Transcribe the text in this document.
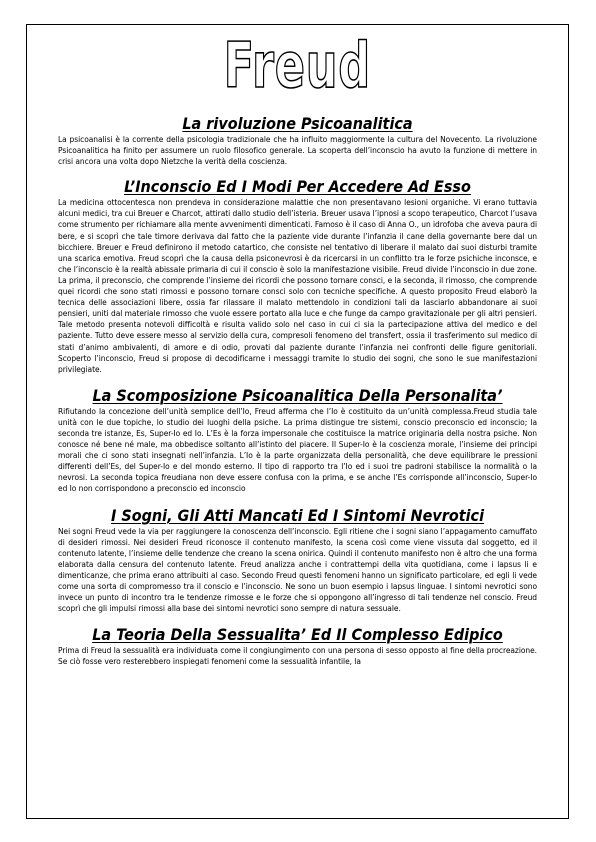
Freud
La rivoluzione Psicoanalitica

La psicoanalisi è la corrente della psicologia tradizionale che ha influito maggiormente la cultura del Novecento. La rivoluzione Psicoanalitica ha finito per assumere un ruolo filosofico generale. La scoperta dell’inconscio ha avuto la funzione di mettere in crisi ancora una volta dopo Nietzche la verità della coscienza.

L’Inconscio Ed I Modi Per Accedere Ad Esso

La medicina ottocentesca non prendeva in considerazione malattie che non presentavano lesioni organiche. Vi erano tuttavia alcuni medici, tra cui Breuer e Charcot, attirati dallo studio dell’isteria. Breuer usava l’ipnosi a scopo terapeutico, Charcot l’usava come strumento per richiamare alla mente avvenimenti dimenticati. Famoso è il caso di Anna O., un idrofoba che aveva paura di bere, e si scoprì che tale timore derivava dal fatto che la paziente vide durante l’infanzia il cane della governante bere dal un bicchiere. Breuer e Freud definirono il metodo catartico, che consiste nel tentativo di liberare il malato dai suoi disturbi tramite una scarica emotiva. Freud scoprì che la causa della psiconevrosi è da ricercarsi in un conflitto tra le forze psichiche inconsce, e che l’inconscio è la realtà abissale primaria di cui il conscio è solo la manifestazione visibile. Freud divide l’inconscio in due zone. La prima, il preconscio, che comprende l’insieme dei ricordi che possono tornare consci, e la seconda, il rimosso, che comprende quei ricordi che sono stati rimossi e possono tornare consci solo con tecniche specifiche. A questo proposito Freud elaborò la tecnica delle associazioni libere, ossia far rilassare il malato mettendolo in condizioni tali da lasciarlo abbandonare ai suoi pensieri, uniti dal materiale rimosso che vuole essere portato alla luce e che funge da campo gravitazionale per gli altri pensieri. Tale metodo presenta notevoli difficoltà e risulta valido solo nel caso in cui ci sia la partecipazione attiva del medico e del paziente. Tutto deve essere messo al servizio della cura, compresoli fenomeno del transfert, ossia il trasferimento sul medico di stati d’animo ambivalenti, di amore e di odio, provati dal paziente durante l’infanzia nei confronti delle figure genitoriali. Scoperto l’inconscio, Freud si propose di decodificarne i messaggi tramite lo studio dei sogni, che sono le sue manifestazioni privilegiate.

La Scomposizione Psicoanalitica Della Personalita’

Rifiutando la concezione dell’unità semplice dell’Io, Freud afferma che l’Io è costituito da un’unità complessa.Freud studia tale unità con le due topiche, lo studio dei luoghi della psiche. La prima distingue tre sistemi, conscio preconscio ed inconscio; la seconda tre istanze, Es, Super-Io ed Io. L’Es è la forza impersonale che costituisce la matrice originaria della nostra psiche. Non conosce né bene né male, ma obbedisce soltanto all’istinto del piacere. Il Super-Io è la coscienza morale, l’insieme dei principi morali che ci sono stati insegnati nell’infanzia. L’Io è la parte organizzata della personalità, che deve equilibrare le pressioni differenti dell’Es, del Super-Io e del mondo esterno. Il tipo di rapporto tra l’Io ed i suoi tre padroni stabilisce la normalità o la nevrosi. La seconda topica freudiana non deve essere confusa con la prima, e se anche l’Es corrisponde all’inconscio, Super-Io ed Io non corrispondono a preconscio ed inconscio

I Sogni, Gli Atti Mancati Ed I Sintomi Nevrotici

Nei sogni Freud vede la via per raggiungere la conoscenza dell’inconscio. Egli ritiene che i sogni siano l’appagamento camuffato di desideri rimossi. Nei desideri Freud riconosce il contenuto manifesto, la scena così come viene vissuta dal soggetto, ed il contenuto latente, l’insieme delle tendenze che creano la scena onirica. Quindi il contenuto manifesto non è altro che una forma elaborata dalla censura del contenuto latente. Freud analizza anche i contrattempi della vita quotidiana, come i lapsus li e dimenticanze, che prima erano attribuiti al caso. Secondo Freud questi fenomeni hanno un significato particolare, ed egli li vede come una sorta di compromesso tra il conscio e l’inconscio. Ne sono un buon esempio i lapsus linguae. I sintomi nevrotici sono invece un punto di incontro tra le tendenze rimosse e le forze che si oppongono all’ingresso di tali tendenze nel conscio. Freud scoprì che gli impulsi rimossi alla base dei sintomi nevrotici sono sempre di natura sessuale.

La Teoria Della Sessualita’ Ed Il Complesso Edipico

Prima di Freud la sessualità era individuata come il congiungimento con una persona di sesso opposto al fine della procreazione. Se ciò fosse vero resterebbero inspiegati fenomeni come la sessualità infantile, la
